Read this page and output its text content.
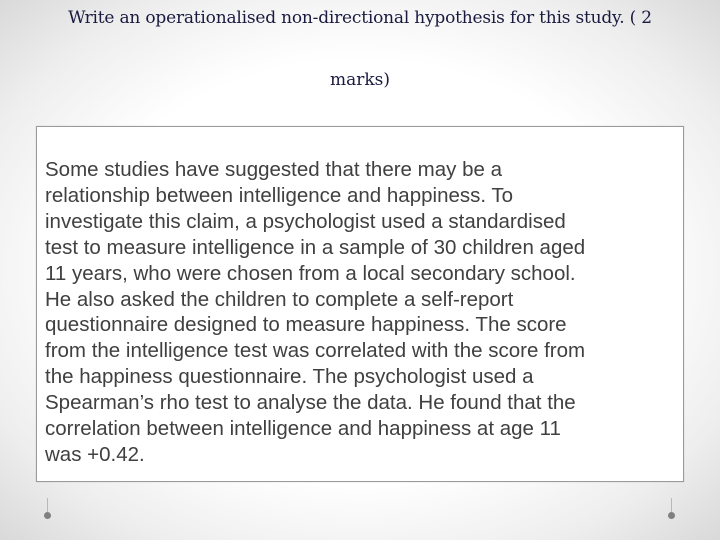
Write an operationalised non-directional hypothesis for this study. ( 2
marks)
Some studies have suggested that there may be a
relationship between intelligence and happiness. To
investigate this claim, a psychologist used a standardised
test to measure intelligence in a sample of 30 children aged
11 years, who were chosen from a local secondary school.
He also asked the children to complete a self-report
questionnaire designed to measure happiness. The score
from the intelligence test was correlated with the score from
the happiness questionnaire. The psychologist used a
Spearman’s rho test to analyse the data. He found that the
correlation between intelligence and happiness at age 11
was +0.42.
